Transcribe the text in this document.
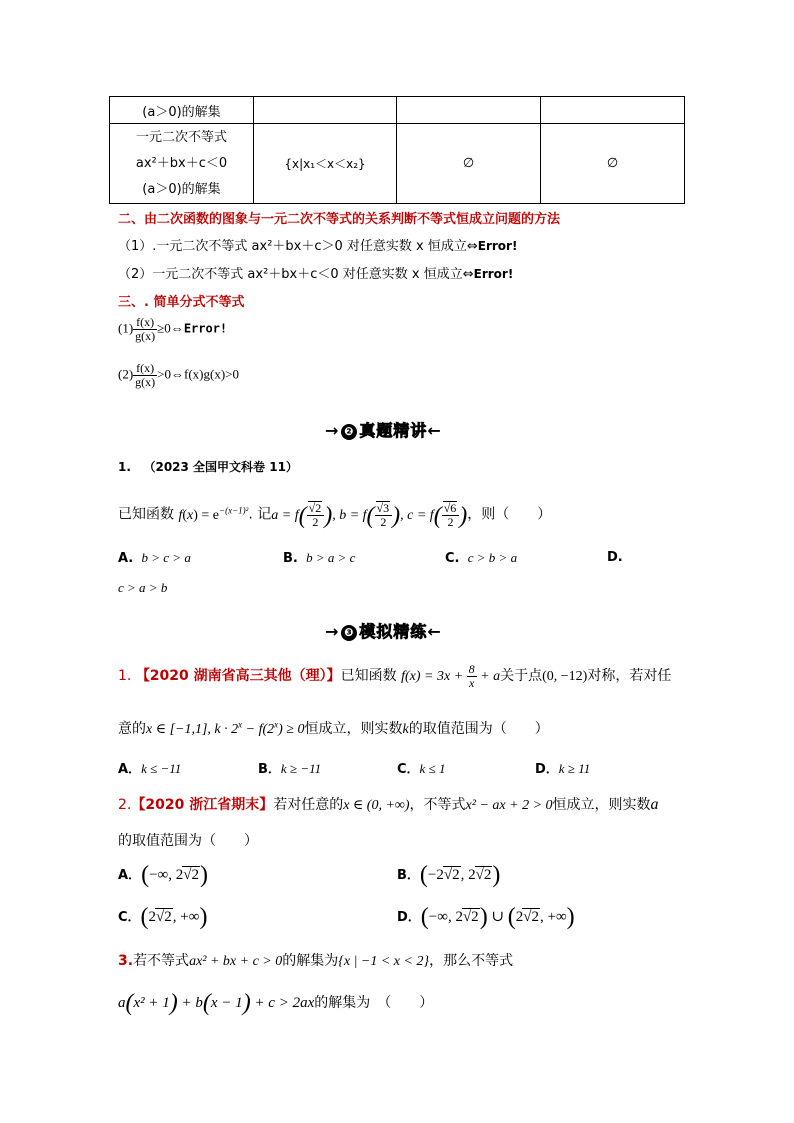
(a＞0)的解集			

一元二次不等式
ax²＋bx＋c＜0
(a＞0)的解集	{x|x₁＜x＜x₂}	∅	∅
二、由二次函数的图象与一元二次不等式的关系判断不等式恒成立问题的方法
（1）.一元二次不等式 ax²＋bx＋c＞0 对任意实数 x 恒成立⇔Error!
（2）一元二次不等式 ax²＋bx＋c＜0 对任意实数 x 恒成立⇔Error!
三、. 简单分式不等式
$(1) \frac{f(x)}{g(x)}$ ≥0⇔Error!
$(2) \frac{f(x)}{g(x)}$ >0⇔f(x)g(x)>0
→ ❷ 真题精讲←
1. （2023 全国甲文科卷 11）
已知函数 $f(x) = e^{-(x-1)^2}$. 记$a = f( \frac{√2}{2}$ ), $b = f( \frac{√3}{2}$ ), $c = f( \frac{√6}{2}$ )，则（　　）
A. b > c > a	B. b > a > c	C. c > b > a	D.
c > a > b
→ ❸ 模拟精练←
1. 【2020 湖南省高三其他（理）】已知函数 $f(x) = 3x + \frac{8}{x} + a$关于点(0, −12)对称，若对任
意的x ∈ [−1,1], $k \cdot 2^x - f(2^x) \ge 0$恒成立，则实数k的取值范围为（　　）
A．k ≤ −11	B．k ≥ −11	C．k ≤ 1	D．k ≥ 11
2.【2020 浙江省期末】若对任意的x ∈ (0, +∞)，不等式x² − ax + 2 > 0恒成立，则实数a
的取值范围为（　　）
A．(−∞, 2√2)	B．(−2√2, 2√2)
C．(2√2, +∞)	D．(−∞, 2√2) ∪ (2√2, +∞)
3.若不等式ax² + bx + c > 0的解集为{x | −1 < x < 2}，那么不等式
a(x² + 1) + b(x − 1) + c > 2ax的解集为　（　　）
